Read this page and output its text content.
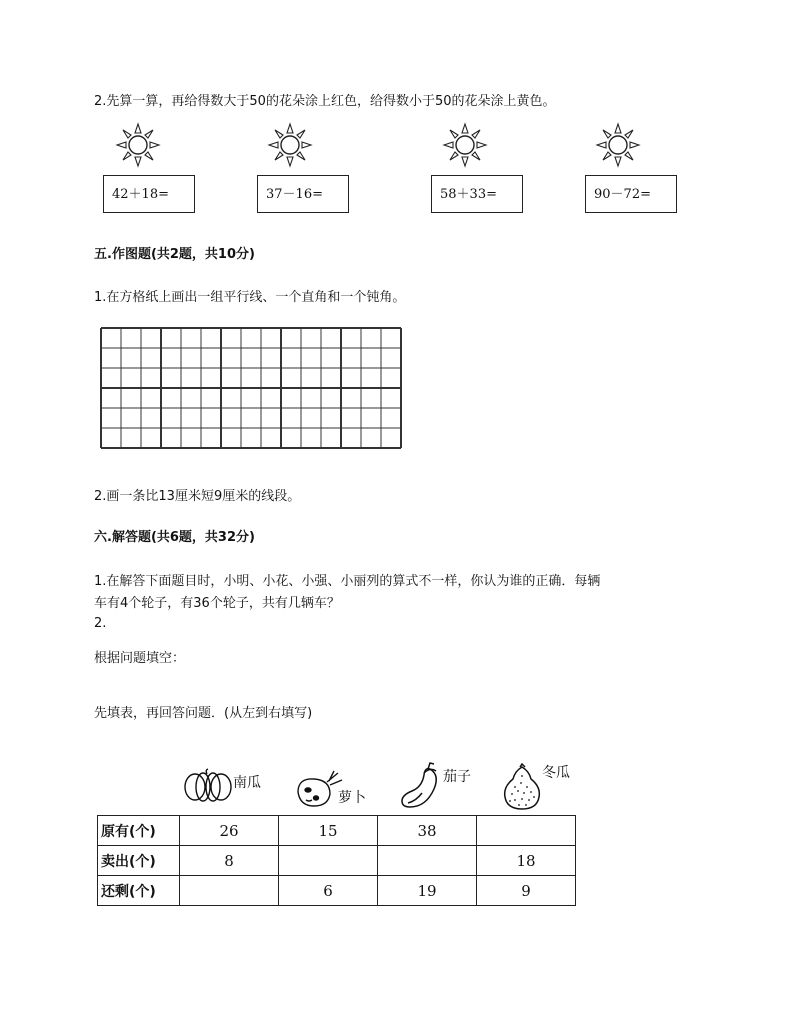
2.先算一算，再给得数大于50的花朵涂上红色，给得数小于50的花朵涂上黄色。
42＋18=	37－16=	58＋33=	90－72=
五.作图题(共2题，共10分)
1.在方格纸上画出一组平行线、一个直角和一个钝角。
2.画一条比13厘米短9厘米的线段。
六.解答题(共6题，共32分)
1.在解答下面题目时，小明、小花、小强、小丽列的算式不一样，你认为谁的正确．每辆
车有4个轮子，有36个轮子，共有几辆车？
2.
根据问题填空：
先填表，再回答问题．(从左到右填写)
南瓜
萝卜
茄子	冬瓜
原有(个)	26	15	38	
卖出(个)	8			18
还剩(个)		6	19	9
